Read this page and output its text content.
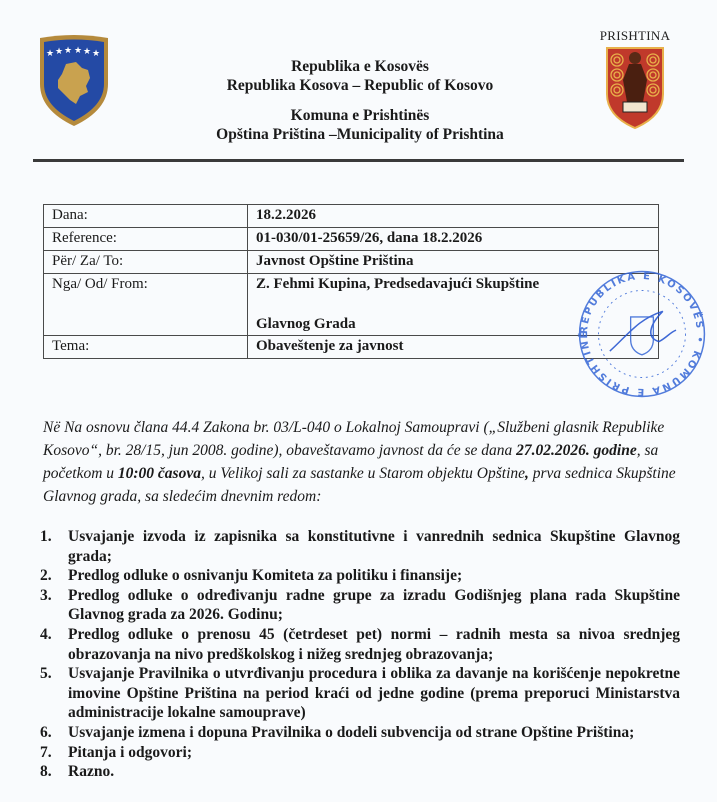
★ ★ ★ ★ ★ ★
PRISHTINA
Republika e Kosovës
Republika Kosova – Republic of Kosovo
Komuna e Prishtinës
Opština Priština –Municipality of Prishtina
Dana:	18.2.2026
Reference:	01-030/01-25659/26, dana 18.2.2026
Për/ Za/ To:	Javnost Opštine Priština
Nga/ Od/ From:	Z. Fehmi Kupina, Predsedavajući Skupštine
Glavnog Grada

Tema:	Obaveštenje za javnost
REPUBLIKA E KOSOVËS • KOMUNA E PRISHTINË
Në Na osnovu člana 44.4 Zakona br. 03/L-040 o Lokalnoj Samoupravi („Službeni glasnik Republike Kosovo“, br. 28/15, jun 2008. godine), obaveštavamo javnost da će se dana 27.02.2026. godine, sa početkom u 10:00 časova, u Velikoj sali za sastanke u Starom objektu Opštine, prva sednica Skupštine Glavnog grada, sa sledećim dnevnim redom:
1. Usvajanje izvoda iz zapisnika sa konstitutivne i vanrednih sednica Skupštine Glavnog grada;
2. Predlog odluke o osnivanju Komiteta za politiku i finansije;
3. Predlog odluke o određivanju radne grupe za izradu Godišnjeg plana rada Skupštine Glavnog grada za 2026. Godinu;
4. Predlog odluke o prenosu 45 (četrdeset pet) normi – radnih mesta sa nivoa srednjeg obrazovanja na nivo predškolskog i nižeg srednjeg obrazovanja;
5. Usvajanje Pravilnika o utvrđivanju procedura i oblika za davanje na korišćenje nepokretne imovine Opštine Priština na period kraći od jedne godine (prema preporuci Ministarstva administracije lokalne samouprave)
6. Usvajanje izmena i dopuna Pravilnika o dodeli subvencija od strane Opštine Priština;
7. Pitanja i odgovori;
8. Razno.
